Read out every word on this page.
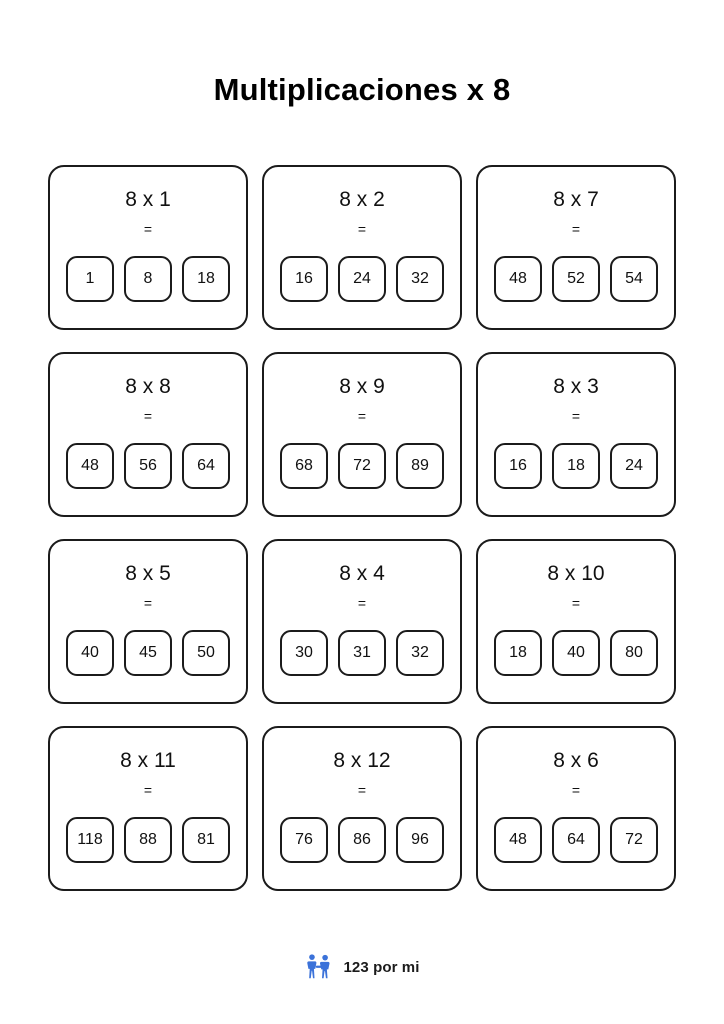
Multiplicaciones x 8
8 x 1
=
1	8	18
8 x 2
=
16	24	32
8 x 7
=
48	52	54
8 x 8
=
48	56	64
8 x 9
=
68	72	89
8 x 3
=
16	18	24
8 x 5
=
40	45	50
8 x 4
=
30	31	32
8 x 10
=
18	40	80
8 x 11
=
118	88	81
8 x 12
=
76	86	96
8 x 6
=
48	64	72
123 por mi
